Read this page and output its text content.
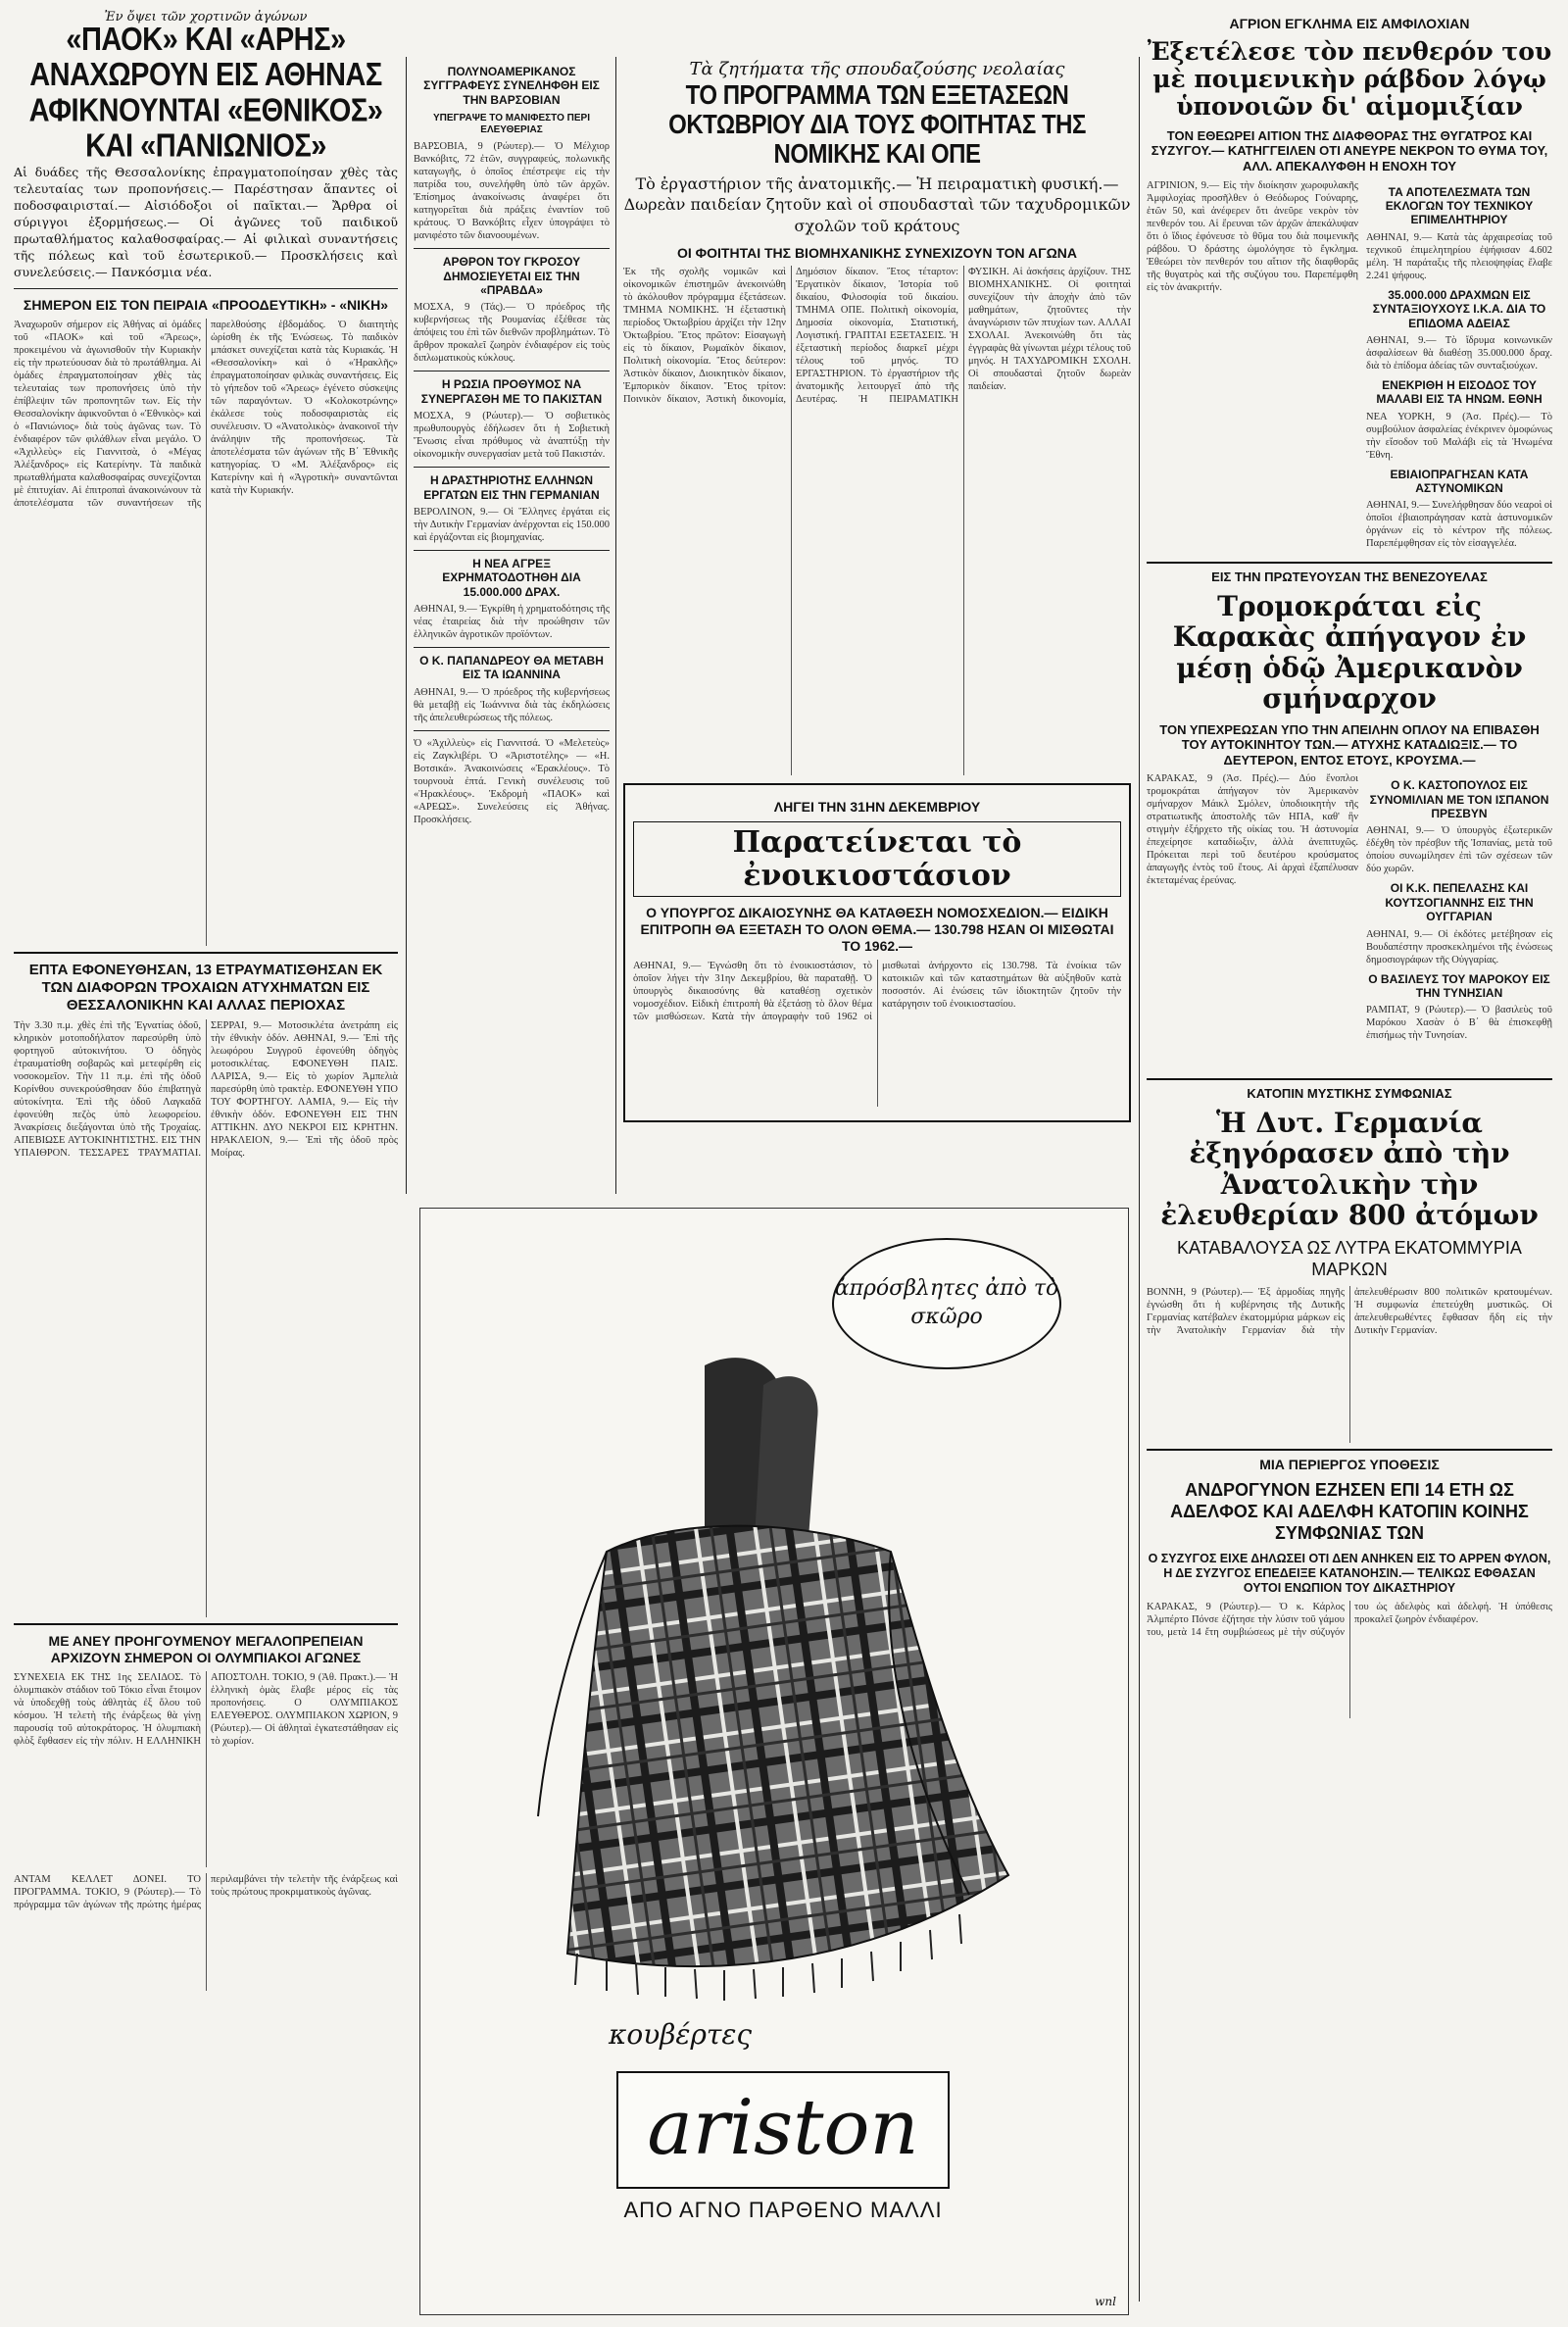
Ἐν ὄψει τῶν χορτινῶν ἀγώνων
«ΠΑΟΚ» ΚΑΙ «ΑΡΗΣ» ΑΝΑΧΩΡΟΥΝ ΕΙΣ ΑΘΗΝΑΣ ΑΦΙΚΝΟΥΝΤΑΙ «ΕΘΝΙΚΟΣ» ΚΑΙ «ΠΑΝΙΩΝΙΟΣ»
Αἱ δυάδες τῆς Θεσσαλονίκης ἐπραγματοποίησαν χθὲς τὰς τελευταίας των προπονήσεις.— Παρέστησαν ἅπαντες οἱ ποδοσφαιρισταί.— Αἰσιόδοξοι οἱ παῖκται.— Ἄρθρα οἱ σύριγγοι ἐξορμήσεως.— Οἱ ἀγῶνες τοῦ παιδικοῦ πρωταθλήματος καλαθοσφαίρας.— Αἱ φιλικαὶ συναντήσεις τῆς πόλεως καὶ τοῦ ἐσωτερικοῦ.— Προσκλήσεις καὶ συνελεύσεις.— Πανκόσμια νέα.
ΣΗΜΕΡΟΝ ΕΙΣ ΤΟΝ ΠΕΙΡΑΙΑ «ΠΡΟΟΔΕΥΤΙΚΗ» - «ΝΙΚΗ»
Ἀναχωροῦν σήμερον εἰς Ἀθήνας αἱ ὁμάδες τοῦ «ΠΑΟΚ» καὶ τοῦ «Ἄρεως», προκειμένου νὰ ἀγωνισθοῦν τὴν Κυριακὴν εἰς τὴν πρωτεύουσαν διὰ τὸ πρωτάθλημα. Αἱ ὁμάδες ἐπραγματοποίησαν χθὲς τὰς τελευταίας των προπονήσεις ὑπὸ τὴν ἐπίβλεψιν τῶν προπονητῶν των. Εἰς τὴν Θεσσαλονίκην ἀφικνοῦνται ὁ «Ἐθνικὸς» καὶ ὁ «Πανιώνιος» διὰ τοὺς ἀγῶνας των. Τὸ ἐνδιαφέρον τῶν φιλάθλων εἶναι μεγάλο. Ὁ «Ἀχιλλεὺς» εἰς Γιαννιτσὰ, ὁ «Μέγας Ἀλέξανδρος» εἰς Κατερίνην. Τὰ παιδικὰ πρωταθλήματα καλαθοσφαίρας συνεχίζονται μὲ ἐπιτυχίαν. Αἱ ἐπιτροπαὶ ἀνακοινώνουν τὰ ἀποτελέσματα τῶν συναντήσεων τῆς παρελθούσης ἑβδομάδος. Ὁ διαιτητὴς ὡρίσθη ἐκ τῆς Ἐνώσεως. Τὸ παιδικὸν μπάσκετ συνεχίζεται κατὰ τὰς Κυριακάς. Ἡ «Θεσσαλονίκη» καὶ ὁ «Ἠρακλῆς» ἐπραγματοποίησαν φιλικὰς συναντήσεις. Εἰς τὸ γήπεδον τοῦ «Ἄρεως» ἐγένετο σύσκεψις τῶν παραγόντων. Ὁ «Κολοκοτρώνης» ἐκάλεσε τοὺς ποδοσφαιριστὰς εἰς συνέλευσιν. Ὁ «Ἀνατολικὸς» ἀνακοινοῖ τὴν ἀνάληψιν τῆς προπονήσεως. Τὰ ἀποτελέσματα τῶν ἀγώνων τῆς Β΄ Ἐθνικῆς κατηγορίας. Ὁ «Μ. Ἀλέξανδρος» εἰς Κατερίνην καὶ ἡ «Ἀγροτικὴ» συναντῶνται κατὰ τὴν Κυριακήν.
ΕΠΤΑ ΕΦΟΝΕΥΘΗΣΑΝ, 13 ΕΤΡΑΥΜΑΤΙΣΘΗΣΑΝ ΕΚ ΤΩΝ ΔΙΑΦΟΡΩΝ ΤΡΟΧΑΙΩΝ ΑΤΥΧΗΜΑΤΩΝ ΕΙΣ ΘΕΣΣΑΛΟΝΙΚΗΝ ΚΑΙ ΑΛΛΑΣ ΠΕΡΙΟΧΑΣ
Τὴν 3.30 π.μ. χθὲς ἐπὶ τῆς Ἐγνατίας ὁδοῦ, κληρικὸν μοτοποδήλατον παρεσύρθη ὑπὸ φορτηγοῦ αὐτοκινήτου. Ὁ ὁδηγὸς ἐτραυματίσθη σοβαρῶς καὶ μετεφέρθη εἰς νοσοκομεῖον. Τὴν 11 π.μ. ἐπὶ τῆς ὁδοῦ Κορίνθου συνεκρούσθησαν δύο ἐπιβατηγὰ αὐτοκίνητα. Ἐπὶ τῆς ὁδοῦ Λαγκαδᾶ ἐφονεύθη πεζὸς ὑπὸ λεωφορείου. Ἀνακρίσεις διεξάγονται ὑπὸ τῆς Τροχαίας. ΑΠΕΒΙΩΣΕ ΑΥΤΟΚΙΝΗΤΙΣΤΗΣ. ΕΙΣ ΤΗΝ ΥΠΑΙΘΡΟΝ. ΤΕΣΣΑΡΕΣ ΤΡΑΥΜΑΤΙΑΙ. ΣΕΡΡΑΙ, 9.— Μοτοσικλέτα ἀνετράπη εἰς τὴν ἐθνικὴν ὁδόν. ΑΘΗΝΑΙ, 9.— Ἐπὶ τῆς λεωφόρου Συγγροῦ ἐφονεύθη ὁδηγὸς μοτοσικλέτας. ΕΦΟΝΕΥΘΗ ΠΑΙΣ. ΛΑΡΙΣΑ, 9.— Εἰς τὸ χωρίον Ἀμπελιὰ παρεσύρθη ὑπὸ τρακτὲρ. ΕΦΟΝΕΥΘΗ ΥΠΟ ΤΟΥ ΦΟΡΤΗΓΟΥ. ΛΑΜΙΑ, 9.— Εἰς τὴν ἐθνικὴν ὁδόν. ΕΦΟΝΕΥΘΗ ΕΙΣ ΤΗΝ ΑΤΤΙΚΗΝ. ΔΥΟ ΝΕΚΡΟΙ ΕΙΣ ΚΡΗΤΗΝ. ΗΡΑΚΛΕΙΟΝ, 9.— Ἐπὶ τῆς ὁδοῦ πρὸς Μοίρας.
ΜΕ ΑΝΕΥ ΠΡΟΗΓΟΥΜΕΝΟΥ ΜΕΓΑΛΟΠΡΕΠΕΙΑΝ ΑΡΧΙΖΟΥΝ ΣΗΜΕΡΟΝ ΟΙ ΟΛΥΜΠΙΑΚΟΙ ΑΓΩΝΕΣ
ΣΥΝΕΧΕΙΑ ΕΚ ΤΗΣ 1ης ΣΕΛΙΔΟΣ. Τὸ ὁλυμπιακὸν στάδιον τοῦ Τόκιο εἶναι ἕτοιμον νὰ ὑποδεχθῇ τοὺς ἀθλητὰς ἐξ ὅλου τοῦ κόσμου. Ἡ τελετὴ τῆς ἐνάρξεως θὰ γίνῃ παρουσίᾳ τοῦ αὐτοκράτορος. Ἡ ὁλυμπιακὴ φλὸξ ἔφθασεν εἰς τὴν πόλιν. Η ΕΛΛΗΝΙΚΗ ΑΠΟΣΤΟΛΗ. ΤΟΚΙΟ, 9 (Ἀθ. Πρακτ.).— Ἡ ἑλληνικὴ ὁμὰς ἔλαβε μέρος εἰς τὰς προπονήσεις. Ο ΟΛΥΜΠΙΑΚΟΣ ΕΛΕΥΘΕΡΟΣ. ΟΛΥΜΠΙΑΚΟΝ ΧΩΡΙΟΝ, 9 (Ρώυτερ).— Οἱ ἀθληταὶ ἐγκατεστάθησαν εἰς τὸ χωρίον.
ΑΝΤΑΜ ΚΕΛΛΕΤ ΔΟΝΕΙ. ΤΟ ΠΡΟΓΡΑΜΜΑ. ΤΟΚΙΟ, 9 (Ρώυτερ).— Τὸ πρόγραμμα τῶν ἀγώνων τῆς πρώτης ἡμέρας περιλαμβάνει τὴν τελετὴν τῆς ἐνάρξεως καὶ τοὺς πρώτους προκριματικοὺς ἀγῶνας.
ΠΟΛΥΝΟΑΜΕΡΙΚΑΝΟΣ ΣΥΓΓΡΑΦΕΥΣ ΣΥΝΕΛΗΦΘΗ ΕΙΣ ΤΗΝ ΒΑΡΣΟΒΙΑΝ
ΥΠΕΓΡΑΨΕ ΤΟ ΜΑΝΙΦΕΣΤΟ ΠΕΡΙ ΕΛΕΥΘΕΡΙΑΣ
ΒΑΡΣΟΒΙΑ, 9 (Ρώυτερ).— Ὁ Μέλχιορ Βανκόβιτς, 72 ἐτῶν, συγγραφεύς, πολωνικῆς καταγωγῆς, ὁ ὁποῖος ἐπέστρεψε εἰς τὴν πατρίδα του, συνελήφθη ὑπὸ τῶν ἀρχῶν. Ἐπίσημος ἀνακοίνωσις ἀναφέρει ὅτι κατηγορεῖται διὰ πράξεις ἐναντίον τοῦ κράτους. Ὁ Βανκόβιτς εἶχεν ὑπογράψει τὸ μανιφέστο τῶν διανοουμένων.
ΑΡΘΡΟΝ ΤΟΥ ΓΚΡΟΣΟΥ ΔΗΜΟΣΙΕΥΕΤΑΙ ΕΙΣ ΤΗΝ «ΠΡΑΒΔΑ»
ΜΟΣΧΑ, 9 (Τάς).— Ὁ πρόεδρος τῆς κυβερνήσεως τῆς Ρουμανίας ἐξέθεσε τὰς ἀπόψεις του ἐπὶ τῶν διεθνῶν προβλημάτων. Τὸ ἄρθρον προκαλεῖ ζωηρὸν ἐνδιαφέρον εἰς τοὺς διπλωματικοὺς κύκλους.
Η ΡΩΣΙΑ ΠΡΟΘΥΜΟΣ ΝΑ ΣΥΝΕΡΓΑΣΘΗ ΜΕ ΤΟ ΠΑΚΙΣΤΑΝ
ΜΟΣΧΑ, 9 (Ρώυτερ).— Ὁ σοβιετικὸς πρωθυπουργὸς ἐδήλωσεν ὅτι ἡ Σοβιετικὴ Ἕνωσις εἶναι πρόθυμος νὰ ἀναπτύξῃ τὴν οἰκονομικὴν συνεργασίαν μετὰ τοῦ Πακιστάν.
Η ΔΡΑΣΤΗΡΙΟΤΗΣ ΕΛΛΗΝΩΝ ΕΡΓΑΤΩΝ ΕΙΣ ΤΗΝ ΓΕΡΜΑΝΙΑΝ
ΒΕΡΟΛΙΝΟΝ, 9.— Οἱ Ἕλληνες ἐργάται εἰς τὴν Δυτικὴν Γερμανίαν ἀνέρχονται εἰς 150.000 καὶ ἐργάζονται εἰς βιομηχανίας.
Η ΝΕΑ ΑΓΡΕΞ ΕΧΡΗΜΑΤΟΔΟΤΗΘΗ ΔΙΑ 15.000.000 ΔΡΑΧ.
ΑΘΗΝΑΙ, 9.— Ἐγκρίθη ἡ χρηματοδότησις τῆς νέας ἐταιρείας διὰ τὴν προώθησιν τῶν ἑλληνικῶν ἀγροτικῶν προϊόντων.
Ο Κ. ΠΑΠΑΝΔΡΕΟΥ ΘΑ ΜΕΤΑΒΗ ΕΙΣ ΤΑ ΙΩΑΝΝΙΝΑ
ΑΘΗΝΑΙ, 9.— Ὁ πρόεδρος τῆς κυβερνήσεως θὰ μεταβῇ εἰς Ἰωάννινα διὰ τὰς ἐκδηλώσεις τῆς ἀπελευθερώσεως τῆς πόλεως.
Ὁ «Ἀχιλλεὺς» εἰς Γιαννιτσά. Ὁ «Μελετεὺς» εἰς Ζαγκλιβέρι. Ὁ «Ἀριστοτέλης» — «Η. Βοτσικά». Ἀνακοινώσεις «Ἐρακλέους». Τὸ τουρνουὰ ἐπτά. Γενικὴ συνέλευσις τοῦ «Ἡρακλέους». Ἐκδρομὴ «ΠΑΟΚ» καὶ «ΑΡΕΩΣ». Συνελεύσεις εἰς Ἀθήνας. Προσκλήσεις.
Τὰ ζητήματα τῆς σπουδαζούσης νεολαίας
ΤΟ ΠΡΟΓΡΑΜΜΑ ΤΩΝ ΕΞΕΤΑΣΕΩΝ ΟΚΤΩΒΡΙΟΥ ΔΙΑ ΤΟΥΣ ΦΟΙΤΗΤΑΣ ΤΗΣ ΝΟΜΙΚΗΣ ΚΑΙ ΟΠΕ
Τὸ ἐργαστήριον τῆς ἀνατομικῆς.— Ἡ πειραματικὴ φυσική.— Δωρεὰν παιδείαν ζητοῦν καὶ οἱ σπουδασταὶ τῶν ταχυδρομικῶν σχολῶν τοῦ κράτους
ΟΙ ΦΟΙΤΗΤΑΙ ΤΗΣ ΒΙΟΜΗΧΑΝΙΚΗΣ ΣΥΝΕΧΙΖΟΥΝ ΤΟΝ ΑΓΩΝΑ
Ἐκ τῆς σχολῆς νομικῶν καὶ οἰκονομικῶν ἐπιστημῶν ἀνεκοινώθη τὸ ἀκόλουθον πρόγραμμα ἐξετάσεων. ΤΜΗΜΑ ΝΟΜΙΚΗΣ. Ἡ ἐξεταστικὴ περίοδος Ὀκτωβρίου ἀρχίζει τὴν 12ην Ὀκτωβρίου. Ἔτος πρῶτον: Εἰσαγωγὴ εἰς τὸ δίκαιον, Ρωμαϊκὸν δίκαιον, Πολιτικὴ οἰκονομία. Ἔτος δεύτερον: Ἀστικὸν δίκαιον, Διοικητικὸν δίκαιον, Ἐμπορικὸν δίκαιον. Ἔτος τρίτον: Ποινικὸν δίκαιον, Ἀστικὴ δικονομία, Δημόσιον δίκαιον. Ἔτος τέταρτον: Ἐργατικὸν δίκαιον, Ἱστορία τοῦ δικαίου, Φιλοσοφία τοῦ δικαίου. ΤΜΗΜΑ ΟΠΕ. Πολιτικὴ οἰκονομία, Δημοσία οἰκονομία, Στατιστική, Λογιστική. ΓΡΑΠΤΑΙ ΕΞΕΤΑΣΕΙΣ. Ἡ ἐξεταστικὴ περίοδος διαρκεῖ μέχρι τέλους τοῦ μηνός. ΤΟ ΕΡΓΑΣΤΗΡΙΟΝ. Τὸ ἐργαστήριον τῆς ἀνατομικῆς λειτουργεῖ ἀπὸ τῆς Δευτέρας. Ἡ ΠΕΙΡΑΜΑΤΙΚΗ ΦΥΣΙΚΗ. Αἱ ἀσκήσεις ἀρχίζουν. ΤΗΣ ΒΙΟΜΗΧΑΝΙΚΗΣ. Οἱ φοιτηταὶ συνεχίζουν τὴν ἀποχὴν ἀπὸ τῶν μαθημάτων, ζητοῦντες τὴν ἀναγνώρισιν τῶν πτυχίων των. ΑΛΛΑΙ ΣΧΟΛΑΙ. Ἀνεκοινώθη ὅτι τὰς ἐγγραφὰς θὰ γίνωνται μέχρι τέλους τοῦ μηνός. Η ΤΑΧΥΔΡΟΜΙΚΗ ΣΧΟΛΗ. Οἱ σπουδασταὶ ζητοῦν δωρεὰν παιδείαν.
ΛΗΓΕΙ ΤΗΝ 31ΗΝ ΔΕΚΕΜΒΡΙΟΥ
Παρατείνεται τὸ ἐνοικιοστάσιον
Ο ΥΠΟΥΡΓΟΣ ΔΙΚΑΙΟΣΥΝΗΣ ΘΑ ΚΑΤΑΘΕΣΗ ΝΟΜΟΣΧΕΔΙΟΝ.— ΕΙΔΙΚΗ ΕΠΙΤΡΟΠΗ ΘΑ ΕΞΕΤΑΣΗ ΤΟ ΟΛΟΝ ΘΕΜΑ.— 130.798 ΗΣΑΝ ΟΙ ΜΙΣΘΩΤΑΙ ΤΟ 1962.—
ΑΘΗΝΑΙ, 9.— Ἐγνώσθη ὅτι τὸ ἐνοικιοστάσιον, τὸ ὁποῖον λήγει τὴν 31ην Δεκεμβρίου, θὰ παραταθῇ. Ὁ ὑπουργὸς δικαιοσύνης θὰ καταθέσῃ σχετικὸν νομοσχέδιον. Εἰδικὴ ἐπιτροπὴ θὰ ἐξετάσῃ τὸ ὅλον θέμα τῶν μισθώσεων. Κατὰ τὴν ἀπογραφὴν τοῦ 1962 οἱ μισθωταὶ ἀνήρχοντο εἰς 130.798. Τὰ ἐνοίκια τῶν κατοικιῶν καὶ τῶν καταστημάτων θὰ αὐξηθοῦν κατὰ ποσοστόν. Αἱ ἐνώσεις τῶν ἰδιοκτητῶν ζητοῦν τὴν κατάργησιν τοῦ ἐνοικιοστασίου.
ΑΓΡΙΟΝ ΕΓΚΛΗΜΑ ΕΙΣ ΑΜΦΙΛΟΧΙΑΝ
Ἐξετέλεσε τὸν πενθερόν του μὲ ποιμενικὴν ράβδον λόγῳ ὑπονοιῶν δι' αἱμομιξίαν
ΤΟΝ ΕΘΕΩΡΕΙ ΑΙΤΙΟΝ ΤΗΣ ΔΙΑΦΘΟΡΑΣ ΤΗΣ ΘΥΓΑΤΡΟΣ ΚΑΙ ΣΥΖΥΓΟΥ.— ΚΑΤΗΓΓΕΙΛΕΝ ΟΤΙ ΑΝΕΥΡΕ ΝΕΚΡΟΝ ΤΟ ΘΥΜΑ ΤΟΥ, ΑΛΛ. ΑΠΕΚΑΛΥΦΘΗ Η ΕΝΟΧΗ ΤΟΥ
ΑΓΡΙΝΙΟΝ, 9.— Εἰς τὴν διοίκησιν χωροφυλακῆς Ἀμφιλοχίας προσῆλθεν ὁ Θεόδωρος Γούναρης, ἐτῶν 50, καὶ ἀνέφερεν ὅτι ἀνεῦρε νεκρὸν τὸν πενθερόν του. Αἱ ἔρευναι τῶν ἀρχῶν ἀπεκάλυψαν ὅτι ὁ ἴδιος ἐφόνευσε τὸ θῦμα του διὰ ποιμενικῆς ράβδου. Ὁ δράστης ὡμολόγησε τὸ ἔγκλημα. Ἐθεώρει τὸν πενθερόν του αἴτιον τῆς διαφθορᾶς τῆς θυγατρὸς καὶ τῆς συζύγου του. Παρεπέμφθη εἰς τὸν ἀνακριτήν.
ΤΑ ΑΠΟΤΕΛΕΣΜΑΤΑ ΤΩΝ ΕΚΛΟΓΩΝ ΤΟΥ ΤΕΧΝΙΚΟΥ ΕΠΙΜΕΛΗΤΗΡΙΟΥ
ΑΘΗΝΑΙ, 9.— Κατὰ τὰς ἀρχαιρεσίας τοῦ τεχνικοῦ ἐπιμελητηρίου ἐψήφισαν 4.602 μέλη. Ἡ παράταξις τῆς πλειοψηφίας ἔλαβε 2.241 ψήφους.
35.000.000 ΔΡΑΧΜΩΝ ΕΙΣ ΣΥΝΤΑΞΙΟΥΧΟΥΣ Ι.Κ.Α. ΔΙΑ ΤΟ ΕΠΙΔΟΜΑ ΑΔΕΙΑΣ
ΑΘΗΝΑΙ, 9.— Τὸ ἴδρυμα κοινωνικῶν ἀσφαλίσεων θὰ διαθέσῃ 35.000.000 δραχ. διὰ τὸ ἐπίδομα ἀδείας τῶν συνταξιούχων.
ΕΝΕΚΡΙΘΗ Η ΕΙΣΟΔΟΣ ΤΟΥ ΜΑΛΑΒΙ ΕΙΣ ΤΑ ΗΝΩΜ. ΕΘΝΗ
ΝΕΑ ΥΟΡΚΗ, 9 (Ἀσ. Πρές).— Τὸ συμβούλιον ἀσφαλείας ἐνέκρινεν ὁμοφώνως τὴν εἴσοδον τοῦ Μαλάβι εἰς τὰ Ἡνωμένα Ἔθνη.
ΕΒΙΑΙΟΠΡΑΓΗΣΑΝ ΚΑΤΑ ΑΣΤΥΝΟΜΙΚΩΝ
ΑΘΗΝΑΙ, 9.— Συνελήφθησαν δύο νεαροὶ οἱ ὁποῖοι ἐβιαιοπράγησαν κατὰ ἀστυνομικῶν ὀργάνων εἰς τὸ κέντρον τῆς πόλεως. Παρεπέμφθησαν εἰς τὸν εἰσαγγελέα.
ΕΙΣ ΤΗΝ ΠΡΩΤΕΥΟΥΣΑΝ ΤΗΣ ΒΕΝΕΖΟΥΕΛΑΣ
Τρομοκράται εἰς Καρακὰς ἀπήγαγον ἐν μέσῃ ὁδῷ Ἀμερικανὸν σμήναρχον
ΤΟΝ ΥΠΕΧΡΕΩΣΑΝ ΥΠΟ ΤΗΝ ΑΠΕΙΛΗΝ ΟΠΛΟΥ ΝΑ ΕΠΙΒΑΣΘΗ ΤΟΥ ΑΥΤΟΚΙΝΗΤΟΥ ΤΩΝ.— ΑΤΥΧΗΣ ΚΑΤΑΔΙΩΞΙΣ.— ΤΟ ΔΕΥΤΕΡΟΝ, ΕΝΤΟΣ ΕΤΟΥΣ, ΚΡΟΥΣΜΑ.—
ΚΑΡΑΚΑΣ, 9 (Ἀσ. Πρές).— Δύο ἔνοπλοι τρομοκράται ἀπήγαγον τὸν Ἀμερικανὸν σμήναρχον Μάικλ Σμόλεν, ὑποδιοικητὴν τῆς στρατιωτικῆς ἀποστολῆς τῶν ΗΠΑ, καθ' ἣν στιγμὴν ἐξήρχετο τῆς οἰκίας του. Ἡ ἀστυνομία ἐπεχείρησε καταδίωξιν, ἀλλὰ ἀνεπιτυχῶς. Πρόκειται περὶ τοῦ δευτέρου κρούσματος ἀπαγωγῆς ἐντὸς τοῦ ἔτους. Αἱ ἀρχαὶ ἐξαπέλυσαν ἐκτεταμένας ἐρεύνας.
Ο Κ. ΚΑΣΤΟΠΟΥΛΟΣ ΕΙΣ ΣΥΝΟΜΙΛΙΑΝ ΜΕ ΤΟΝ ΙΣΠΑΝΟΝ ΠΡΕΣΒΥΝ
ΑΘΗΝΑΙ, 9.— Ὁ ὑπουργὸς ἐξωτερικῶν ἐδέχθη τὸν πρέσβυν τῆς Ἰσπανίας, μετὰ τοῦ ὁποίου συνωμίλησεν ἐπὶ τῶν σχέσεων τῶν δύο χωρῶν.
ΟΙ Κ.Κ. ΠΕΠΕΛΑΣΗΣ ΚΑΙ ΚΟΥΤΣΟΓΙΑΝΝΗΣ ΕΙΣ ΤΗΝ ΟΥΓΓΑΡΙΑΝ
ΑΘΗΝΑΙ, 9.— Οἱ ἐκδότες μετέβησαν εἰς Βουδαπέστην προσκεκλημένοι τῆς ἑνώσεως δημοσιογράφων τῆς Οὐγγαρίας.
Ο ΒΑΣΙΛΕΥΣ ΤΟΥ ΜΑΡΟΚΟΥ ΕΙΣ ΤΗΝ ΤΥΝΗΣΙΑΝ
ΡΑΜΠΑΤ, 9 (Ρώυτερ).— Ὁ βασιλεὺς τοῦ Μαρόκου Χασὰν ὁ Β΄ θὰ ἐπισκεφθῇ ἐπισήμως τὴν Τυνησίαν.
ΚΑΤΟΠΙΝ ΜΥΣΤΙΚΗΣ ΣΥΜΦΩΝΙΑΣ
Ἡ Δυτ. Γερμανία ἐξηγόρασεν ἀπὸ τὴν Ἀνατολικὴν τὴν ἐλευθερίαν 800 ἀτόμων
ΚΑΤΑΒΑΛΟΥΣΑ ΩΣ ΛΥΤΡΑ ΕΚΑΤΟΜΜΥΡΙΑ ΜΑΡΚΩΝ
ΒΟΝΝΗ, 9 (Ρώυτερ).— Ἐξ ἀρμοδίας πηγῆς ἐγνώσθη ὅτι ἡ κυβέρνησις τῆς Δυτικῆς Γερμανίας κατέβαλεν ἑκατομμύρια μάρκων εἰς τὴν Ἀνατολικὴν Γερμανίαν διὰ τὴν ἀπελευθέρωσιν 800 πολιτικῶν κρατουμένων. Ἡ συμφωνία ἐπετεύχθη μυστικῶς. Οἱ ἀπελευθερωθέντες ἔφθασαν ἤδη εἰς τὴν Δυτικὴν Γερμανίαν.
ΜΙΑ ΠΕΡΙΕΡΓΟΣ ΥΠΟΘΕΣΙΣ
ΑΝΔΡΟΓΥΝΟΝ ΕΖΗΣΕΝ ΕΠΙ 14 ΕΤΗ ΩΣ ΑΔΕΛΦΟΣ ΚΑΙ ΑΔΕΛΦΗ ΚΑΤΟΠΙΝ ΚΟΙΝΗΣ ΣΥΜΦΩΝΙΑΣ ΤΩΝ
Ο ΣΥΖΥΓΟΣ ΕΙΧΕ ΔΗΛΩΣΕΙ ΟΤΙ ΔΕΝ ΑΝΗΚΕΝ ΕΙΣ ΤΟ ΑΡΡΕΝ ΦΥΛΟΝ, Η ΔΕ ΣΥΖΥΓΟΣ ΕΠΕΔΕΙΞΕ ΚΑΤΑΝΟΗΣΙΝ.— ΤΕΛΙΚΩΣ ΕΦΘΑΣΑΝ ΟΥΤΟΙ ΕΝΩΠΙΟΝ ΤΟΥ ΔΙΚΑΣΤΗΡΙΟΥ
ΚΑΡΑΚΑΣ, 9 (Ρώυτερ).— Ὁ κ. Κάρλος Ἀλμπέρτο Πόνσε ἐζήτησε τὴν λύσιν τοῦ γάμου του, μετὰ 14 ἔτη συμβιώσεως μὲ τὴν σύζυγόν του ὡς ἀδελφὸς καὶ ἀδελφή. Ἡ ὑπόθεσις προκαλεῖ ζωηρὸν ἐνδιαφέρον.
ἀπρόσβλητες ἀπὸ τὸ σκῶρο
κουβέρτες
ariston
ΑΠΟ ΑΓΝΟ ΠΑΡΘΕΝΟ ΜΑΛΛΙ
wnl
